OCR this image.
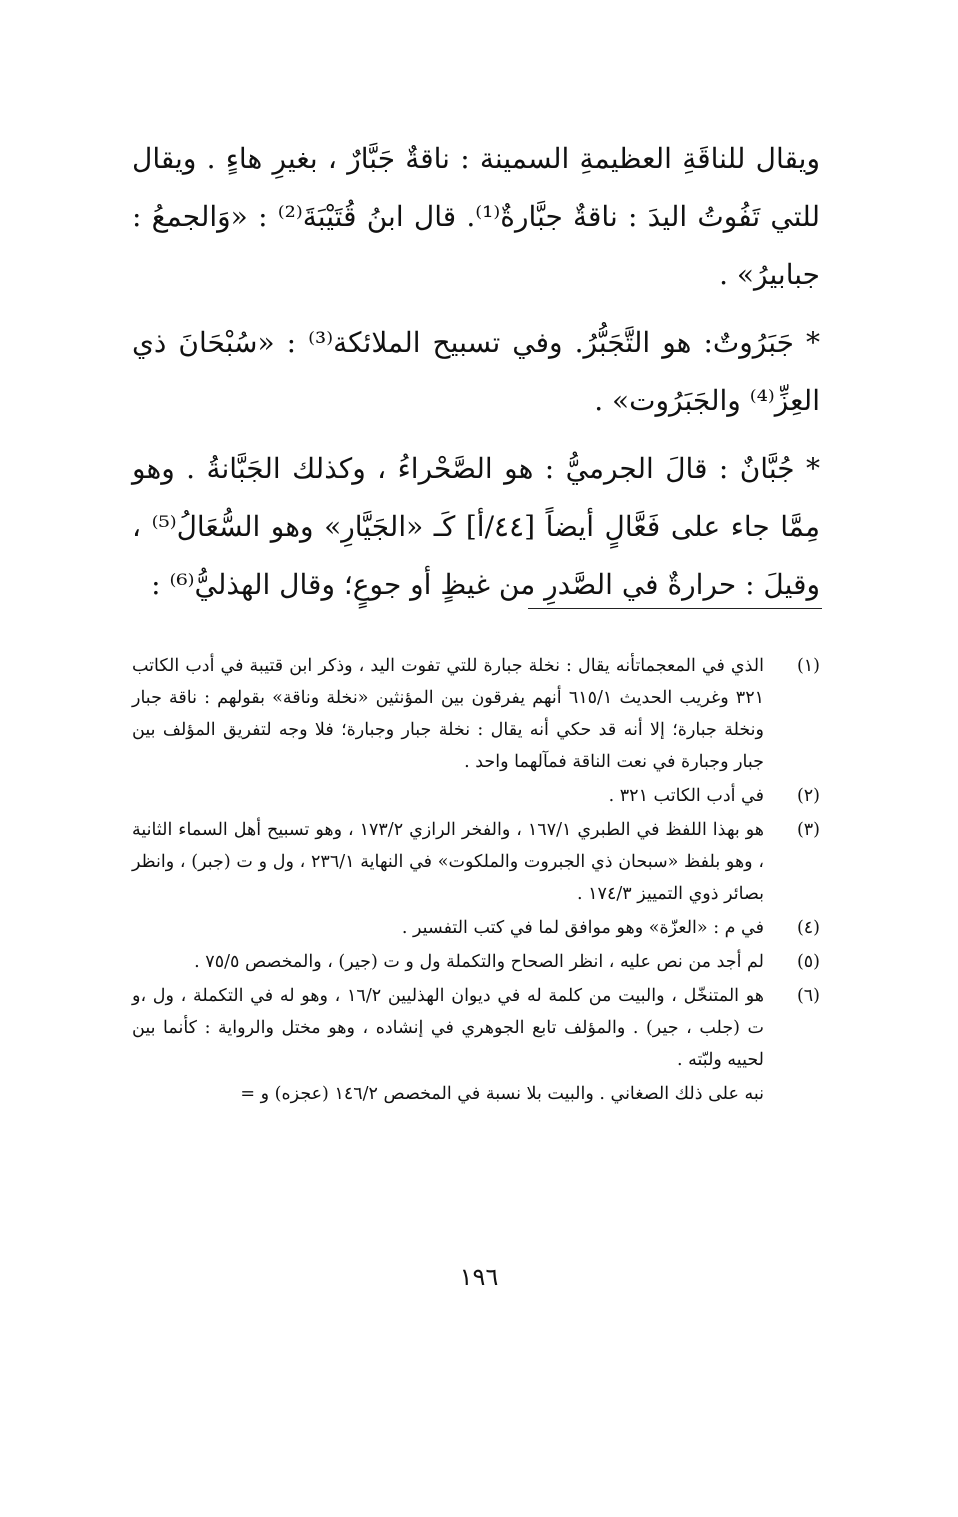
ويقال للناقَةِ العظيمةِ السمينة : ناقةٌ جَبَّارٌ ، بغيرِ هاءٍ . ويقال للتي تَفُوتُ اليدَ : ناقةٌ جبَّارةٌ⁽¹⁾. قال ابنُ قُتَيْبَةَ⁽²⁾ : «وَالجمعُ : جبابيرُ» .

* جَبَرُوتٌ: هو التَّجَبُّرُ. وفي تسبيح الملائكة⁽³⁾ : «سُبْحَانَ ذي العِزِّ⁽⁴⁾ والجَبَرُوت» .

* جُبَّانٌ : قالَ الجرميُّ : هو الصَّحْراءُ ، وكذلك الجَبَّانةُ . وهو مِمَّا جاء على فَعَّالٍ أيضاً [٤٤/أ] كَـ «الجَيَّارِ» وهو السُّعَالُ⁽⁵⁾ ، وقيلَ : حرارةٌ في الصَّدرِ من غيظٍ أو جوعٍ؛ وقال الهذليُّ⁽⁶⁾ :

(١)
الذي في المعجماتأنه يقال : نخلة جبارة للتي تفوت اليد ، وذكر ابن قتيبة في أدب الكاتب ٣٢١ وغريب الحديث ٦١٥/١ أنهم يفرقون بين المؤنثين «نخلة وناقة» بقولهم : ناقة جبار ونخلة جبارة؛ إلا أنه قد حكي أنه يقال : نخلة جبار وجبارة؛ فلا وجه لتفريق المؤلف بين جبار وجبارة في نعت الناقة فمآلهما واحد .
(٢)
في أدب الكاتب ٣٢١ .
(٣)
هو بهذا اللفظ في الطبري ١٦٧/١ ، والفخر الرازي ١٧٣/٢ ، وهو تسبيح أهل السماء الثانية ، وهو بلفظ «سبحان ذي الجبروت والملكوت» في النهاية ٢٣٦/١ ، ول و ت (جبر) ، وانظر بصائر ذوي التمييز ١٧٤/٣ .
(٤)
في م : «العزّة» وهو موافق لما في كتب التفسير .
(٥)
لم أجد من نص عليه ، انظر الصحاح والتكملة ول و ت (جير) ، والمخصص ٧٥/٥ .
(٦)
هو المتنخّل ، والبيت من كلمة له في ديوان الهذليين ١٦/٢ ، وهو له في التكملة ، ول ،و ت (جلب ، جير) . والمؤلف تابع الجوهري في إنشاده ، وهو مختل والرواية : كأنما بين لحييه ولبّته .
نبه على ذلك الصغاني . والبيت بلا نسبة في المخصص ١٤٦/٢ (عجزه) و =
١٩٦
